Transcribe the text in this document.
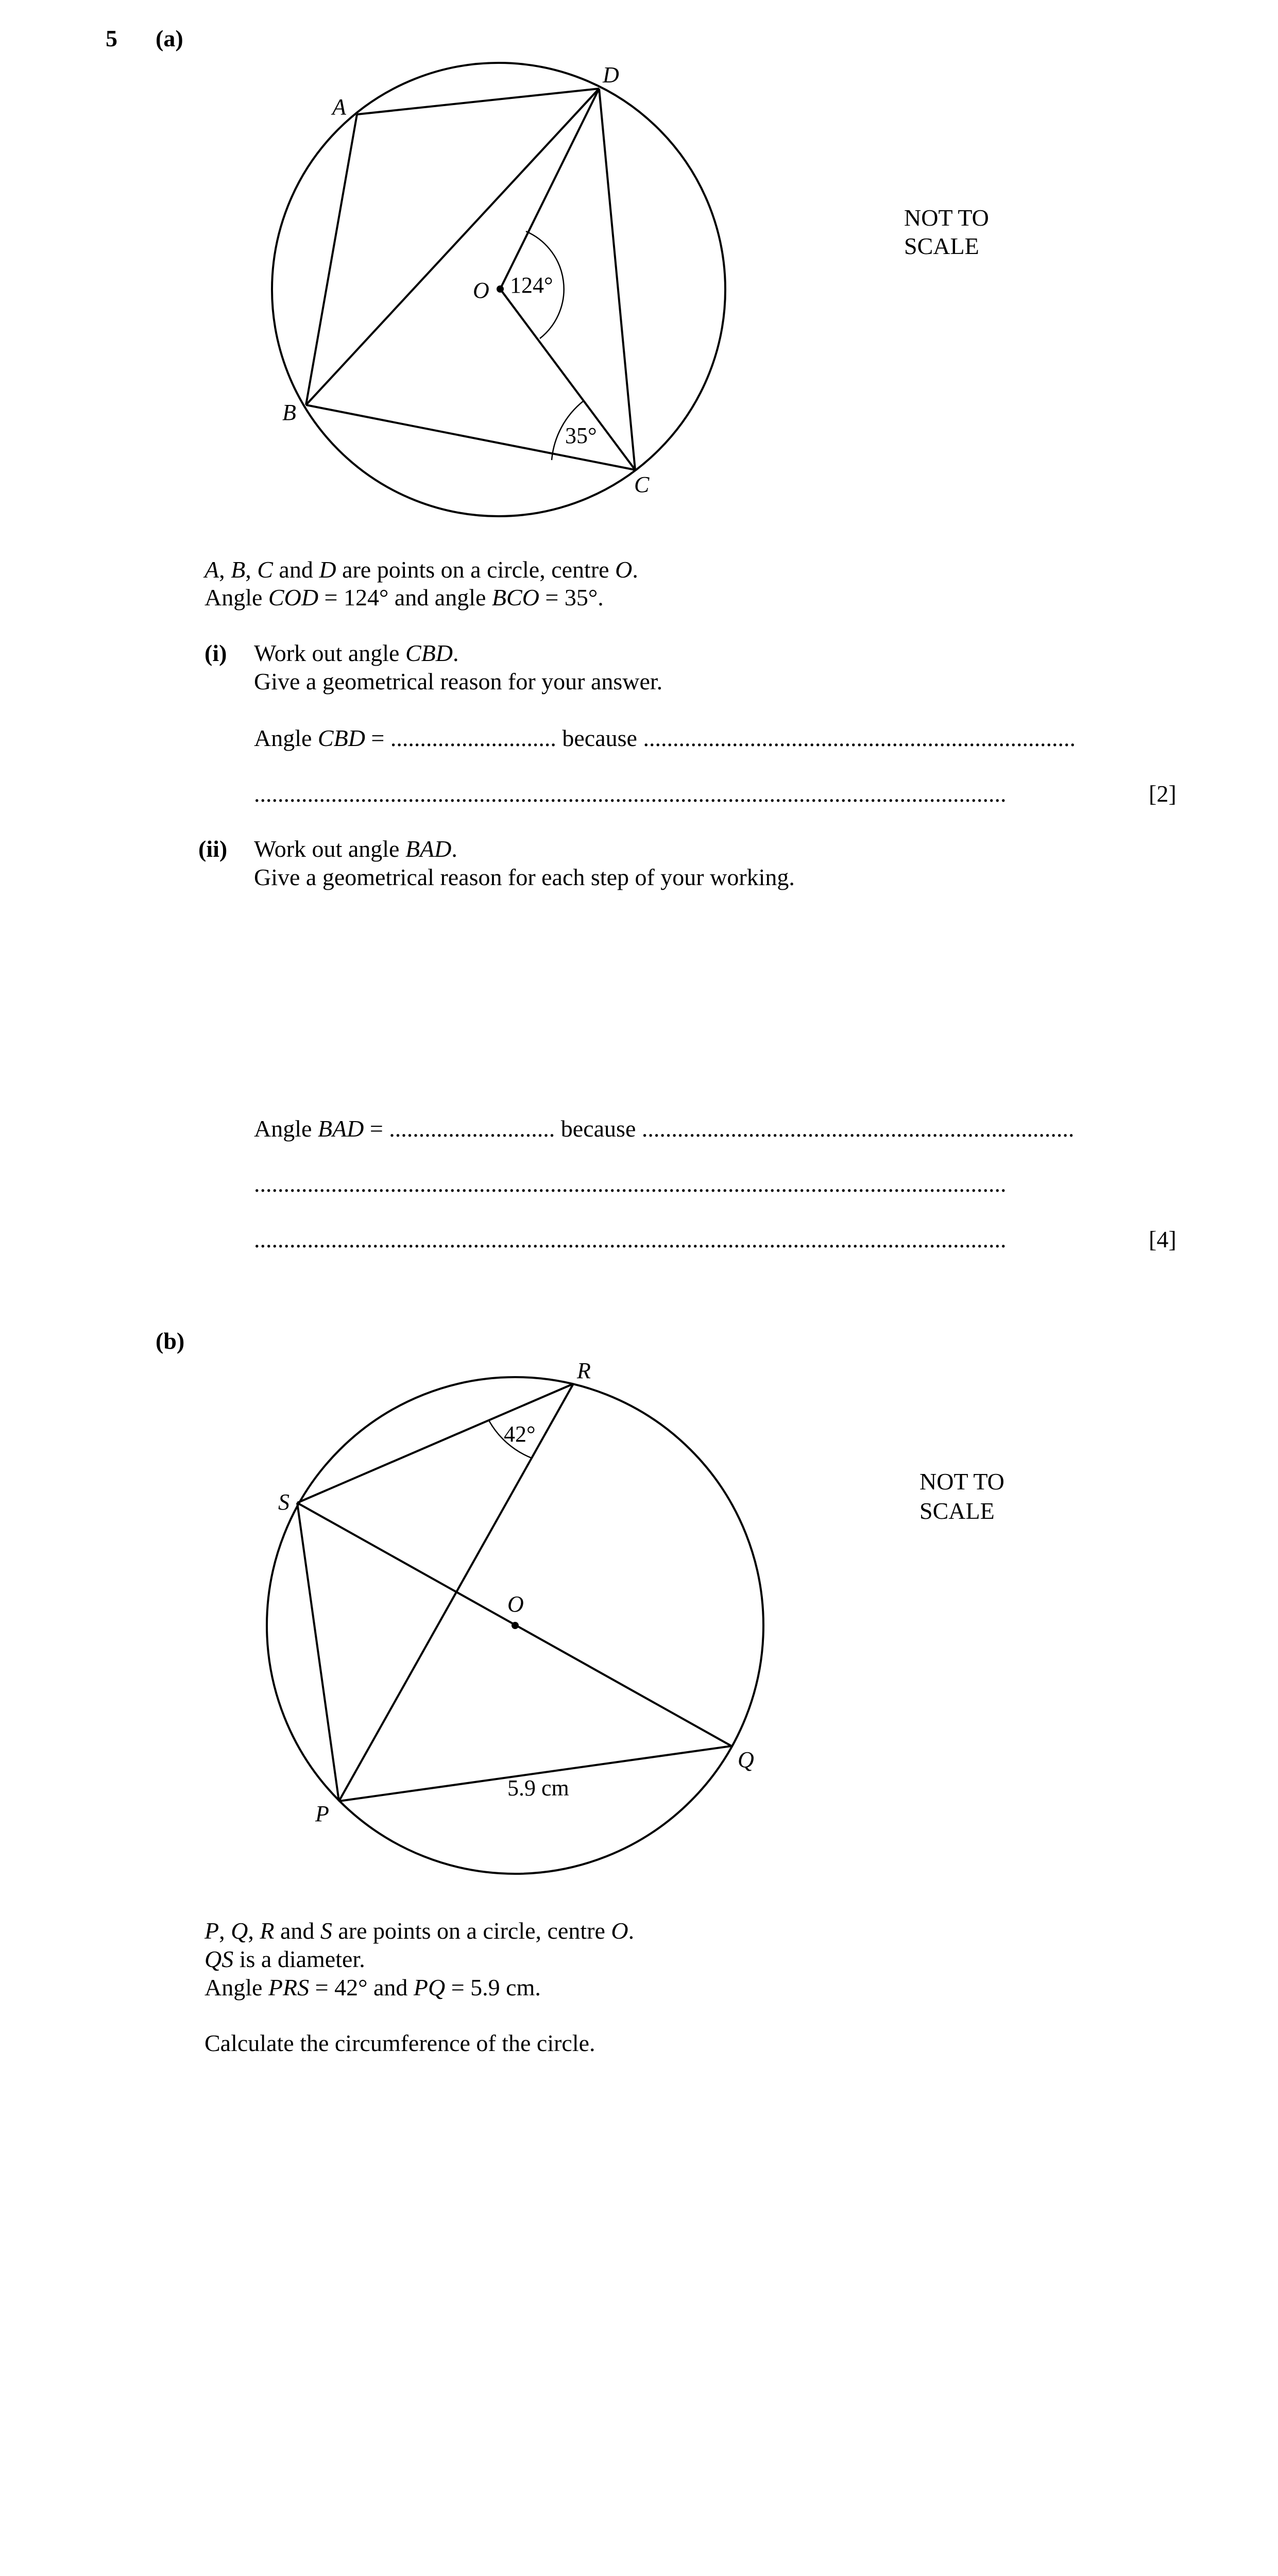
5 (a)
A
D
B
C
O 124°
35°
NOT TO
SCALE
A, B, C and D are points on a circle, centre O.
Angle COD = 124° and angle BCO = 35°.
(i) Work out angle CBD.
Give a geometrical reason for your answer.
Angle CBD = ............................ because .........................................................................
...............................................................................................................................	[2]
(ii) Work out angle BAD.
Give a geometrical reason for each step of your working.
Angle BAD = ............................ because .........................................................................
...............................................................................................................................
...............................................................................................................................	[4]
(b)
R
S
Q
P
O
42°
5.9 cm
NOT TO
SCALE
P, Q, R and S are points on a circle, centre O.
QS is a diameter.
Angle PRS = 42° and PQ = 5.9 cm.
Calculate the circumference of the circle.
